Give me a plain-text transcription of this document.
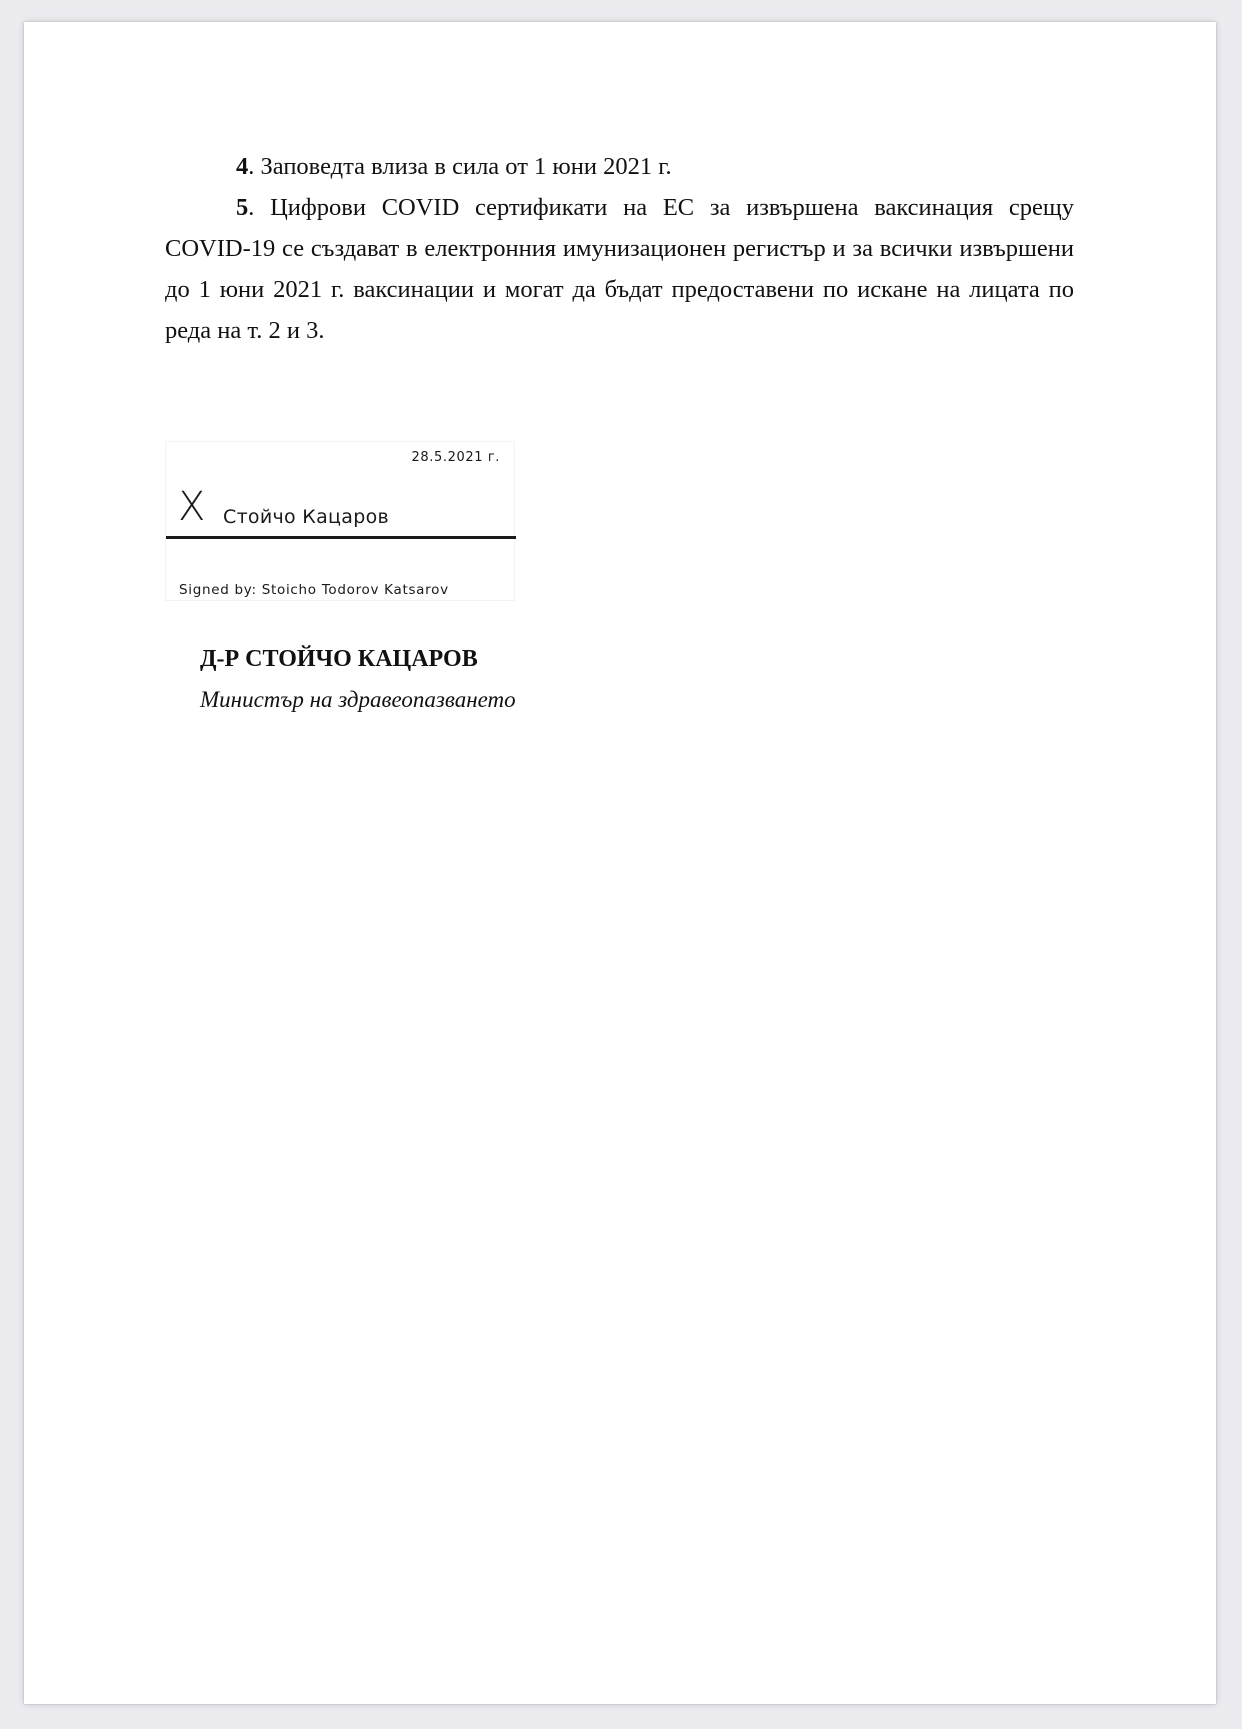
4. Заповедта влиза в сила от 1 юни 2021 г.

5. Цифрови COVID сертификати на ЕС за извършена ваксинация срещу COVID-19 се създават в електронния имунизационен регистър и за всички извършени до 1 юни 2021 г. ваксинации и могат да бъдат предоставени по искане на лицата по реда на т. 2 и 3.

28.5.2021 г.
X Стойчо Кацаров
Signed by: Stoicho Todorov Katsarov
Д-Р СТОЙЧО КАЦАРОВ
Министър на здравеопазването
